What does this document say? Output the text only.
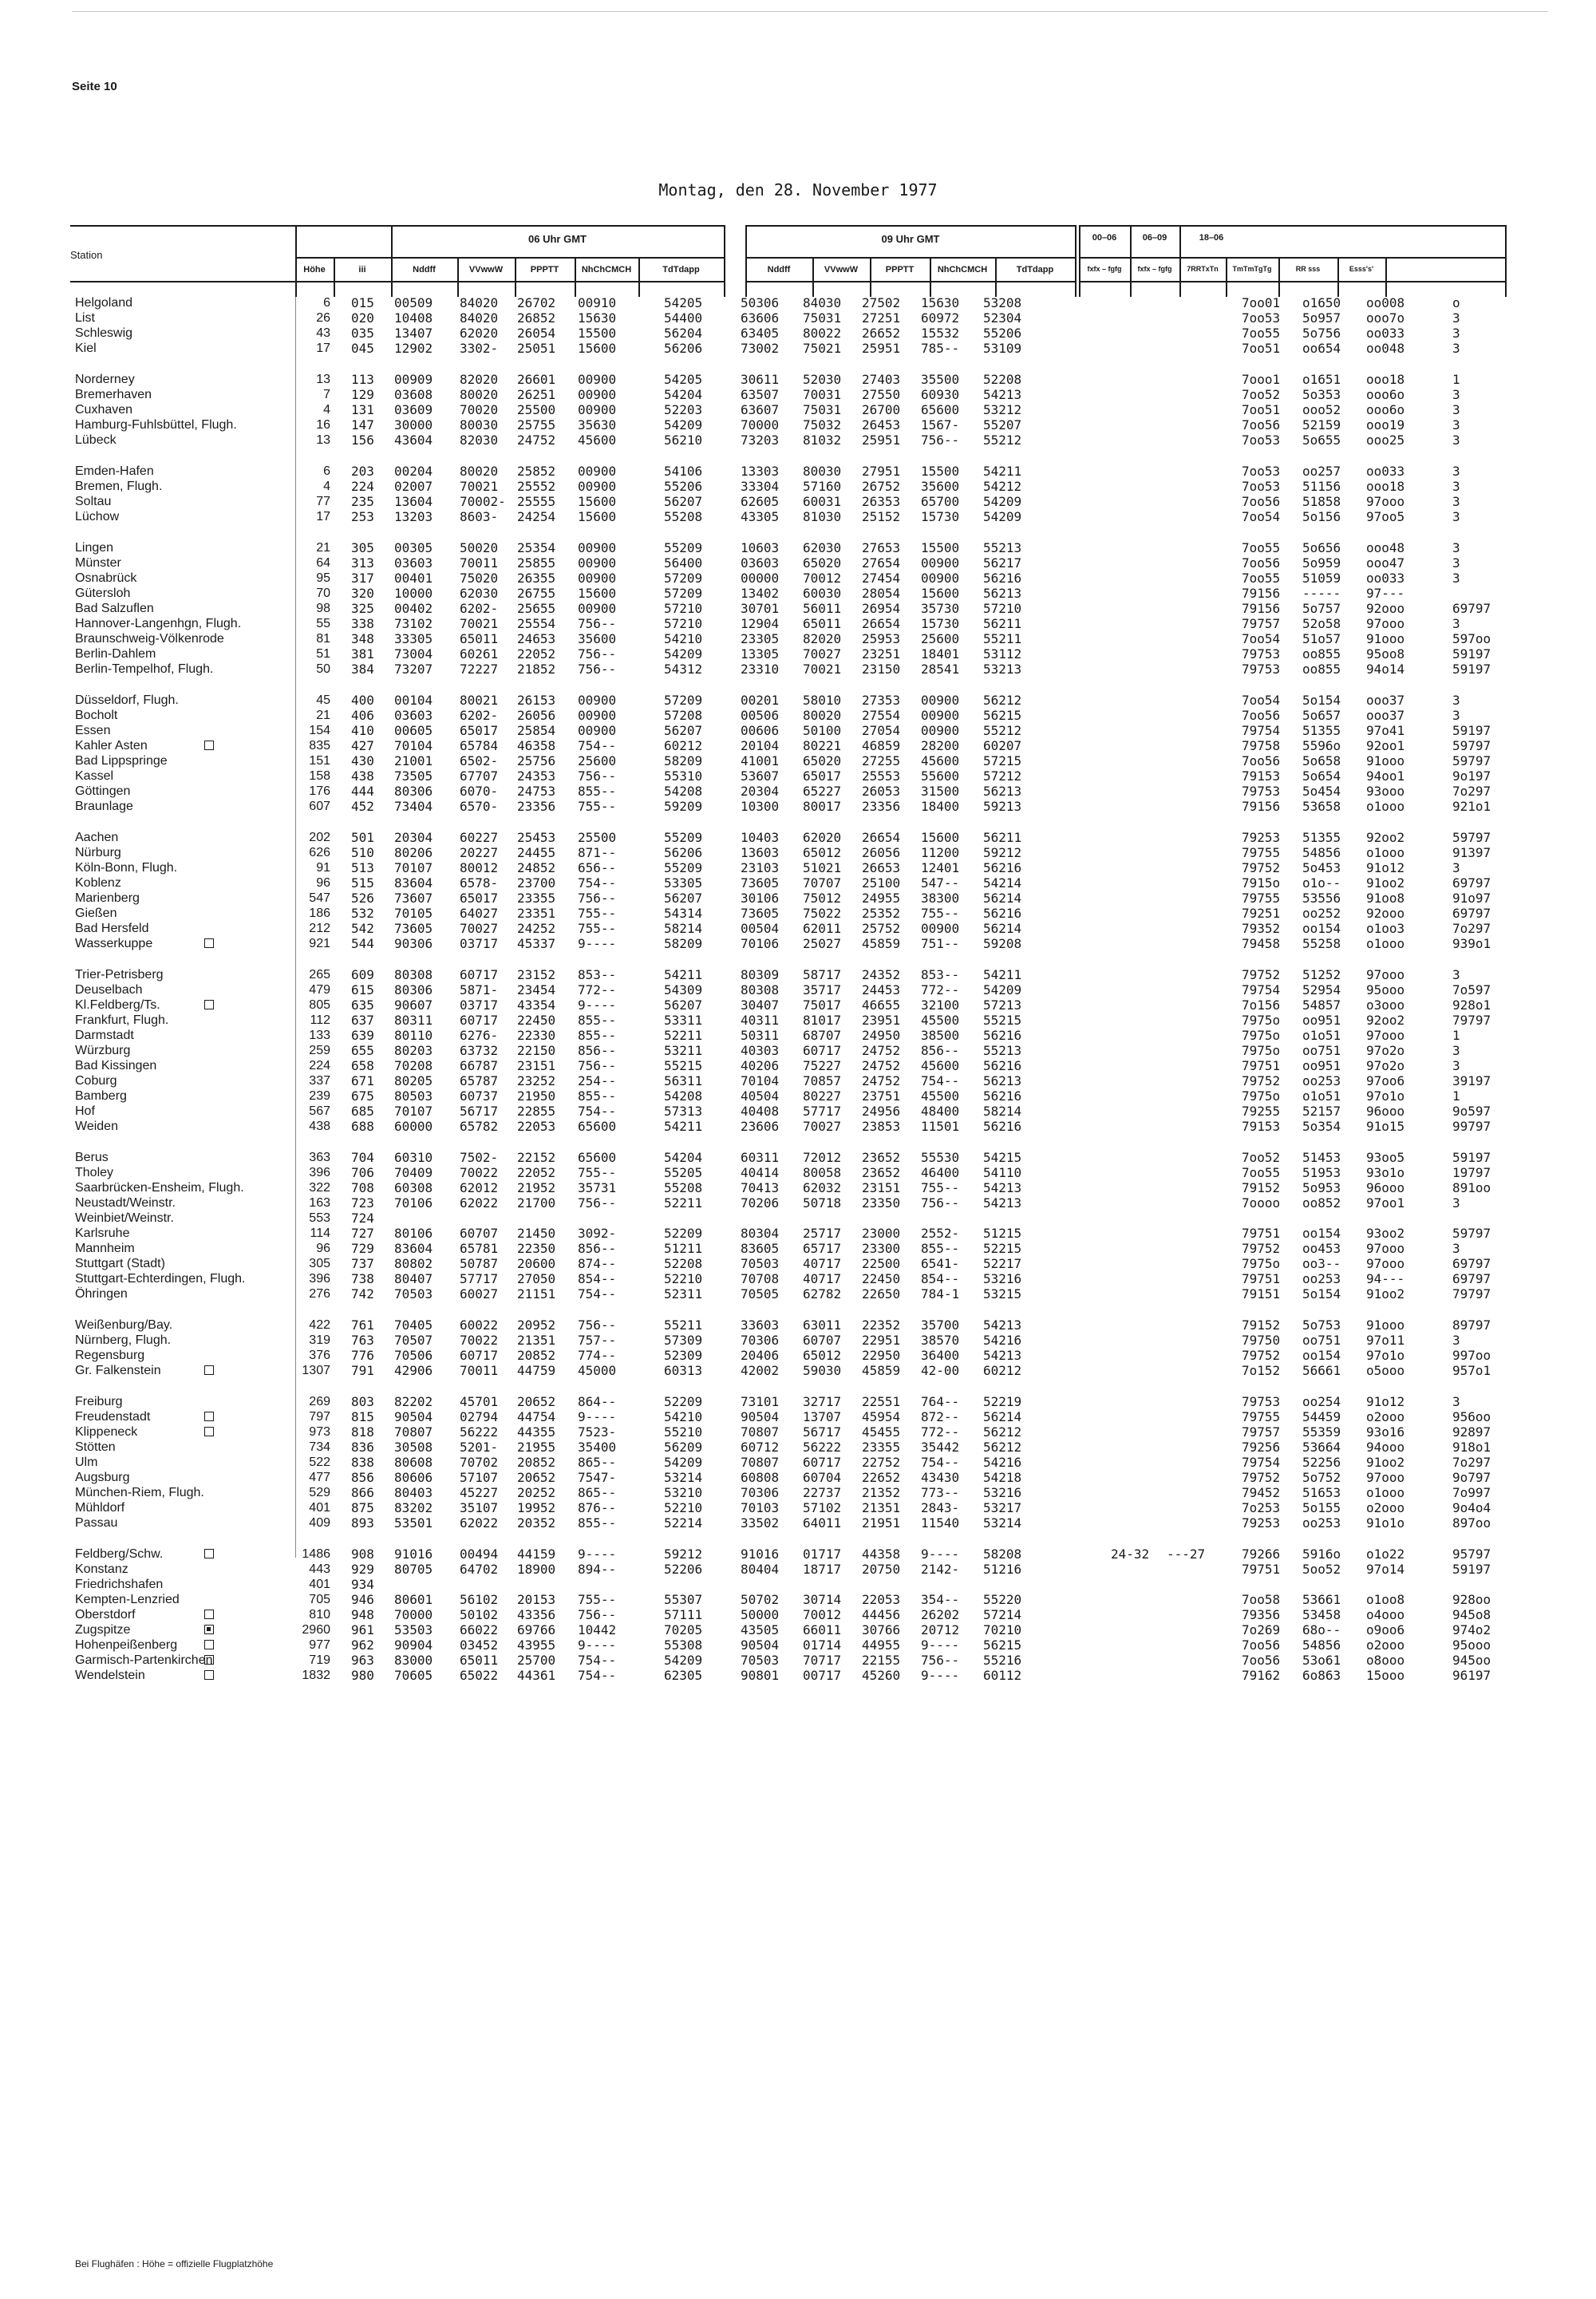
Seite 10
Montag, den 28. November 1977
Station
Höhe	iii
06 Uhr GMT	09 Uhr GMT
Nddff	VVwwW	PPPTT	NhChCMCH	TdTdapp	Nddff	VVwwW	PPPTT	NhChCMCH	TdTdapp
00–06	06–09	18–06
fxfx – fgfg	fxfx – fgfg	7RRTxTn	TmTmTgTg	RR sss	Esss's'
Helgoland	6 015	00509	84020	26702	00910	54205	50306	84030	27502	15630	53208	7oo01	o1650	oo008	o
List	26 020	10408	84020	26852	15630	54400	63606	75031	27251	60972	52304	7oo53	5o957	ooo7o	3
Schleswig	43 035	13407	62020	26054	15500	56204	63405	80022	26652	15532	55206	7oo55	5o756	oo033	3
Kiel	17 045	12902	3302-	25051	15600	56206	73002	75021	25951	785--	53109	7oo51	oo654	oo048	3
Norderney	13 113	00909	82020	26601	00900	54205	30611	52030	27403	35500	52208	7ooo1	o1651	ooo18	1
Bremerhaven	7 129	03608	80020	26251	00900	54204	63507	70031	27550	60930	54213	7oo52	5o353	ooo6o	3
Cuxhaven	4 131	03609	70020	25500	00900	52203	63607	75031	26700	65600	53212	7oo51	ooo52	ooo6o	3
Hamburg-Fuhlsbüttel, Flugh.	16 147	30000	80030	25755	35630	54209	70000	75032	26453	1567-	55207	7oo56	52159	ooo19	3
Lübeck	13 156	43604	82030	24752	45600	56210	73203	81032	25951	756--	55212	7oo53	5o655	ooo25	3
Emden-Hafen	6 203	00204	80020	25852	00900	54106	13303	80030	27951	15500	54211	7oo53	oo257	oo033	3
Bremen, Flugh.	4 224	02007	70021	25552	00900	55206	33304	57160	26752	35600	54212	7oo53	51156	ooo18	3
Soltau	77 235	13604	70002- 25555	15600	56207	62605	60031	26353	65700	54209	7oo56	51858	97ooo	3
Lüchow	17 253	13203	8603-	24254	15600	55208	43305	81030	25152	15730	54209	7oo54	5o156	97oo5	3
Lingen	21 305	00305	50020	25354	00900	55209	10603	62030	27653	15500	55213	7oo55	5o656	ooo48	3
Münster	64 313	03603	70011	25855	00900	56400	03603	65020	27654	00900	56217	7oo56	5o959	ooo47	3
Osnabrück	95 317	00401	75020	26355	00900	57209	00000	70012	27454	00900	56216	7oo55	51059	oo033	3
Gütersloh	70 320	10000	62030	26755	15600	57209	13402	60030	28054	15600	56213	79156	-----	97---
Bad Salzuflen	98 325	00402	6202-	25655	00900	57210	30701	56011	26954	35730	57210	79156	5o757	92ooo	69797
Hannover-Langenhgn, Flugh.	55 338	73102	70021	25554	756--	57210	12904	65011	26654	15730	56211	79757	52o58	97ooo	3
Braunschweig-Völkenrode	81 348	33305	65011	24653	35600	54210	23305	82020	25953	25600	55211	7oo54	51o57	91ooo	597oo
Berlin-Dahlem	51 381	73004	60261	22052	756--	54209	13305	70027	23251	18401	53112	79753	oo855	95oo8	59197
Berlin-Tempelhof, Flugh.	50 384	73207	72227	21852	756--	54312	23310	70021	23150	28541	53213	79753	oo855	94o14	59197
Düsseldorf, Flugh.	45 400	00104	80021	26153	00900	57209	00201	58010	27353	00900	56212	7oo54	5o154	ooo37	3
Bocholt	21 406	03603	6202-	26056	00900	57208	00506	80020	27554	00900	56215	7oo56	5o657	ooo37	3
Essen	154 410	00605	65017	25854	00900	56207	00606	50100	27054	00900	55212	79754	51355	97o41	59197
Kahler Asten	835 427	70104	65784	46358	754--	60212	20104	80221	46859	28200	60207	79758	5596o	92oo1	59797
Bad Lippspringe	151 430	21001	6502-	25756	25600	58209	41001	65020	27255	45600	57215	7oo56	5o658	91ooo	59797
Kassel	158 438	73505	67707	24353	756--	55310	53607	65017	25553	55600	57212	79153	5o654	94oo1	9o197
Göttingen	176 444	80306	6070-	24753	855--	54208	20304	65227	26053	31500	56213	79753	5o454	93ooo	7o297
Braunlage	607 452	73404	6570-	23356	755--	59209	10300	80017	23356	18400	59213	79156	53658	o1ooo	921o1
Aachen	202 501	20304	60227	25453	25500	55209	10403	62020	26654	15600	56211	79253	51355	92oo2	59797
Nürburg	626 510	80206	20227	24455	871--	56206	13603	65012	26056	11200	59212	79755	54856	o1ooo	91397
Köln-Bonn, Flugh.	91 513	70107	80012	24852	656--	55209	23103	51021	26653	12401	56216	79752	5o453	91o12	3
Koblenz	96 515	83604	6578-	23700	754--	53305	73605	70707	25100	547--	54214	7915o	o1o--	91oo2	69797
Marienberg	547 526	73607	65017	23355	756--	56207	30106	75012	24955	38300	56214	79755	53556	91oo8	91o97
Gießen	186 532	70105	64027	23351	755--	54314	73605	75022	25352	755--	56216	79251	oo252	92ooo	69797
Bad Hersfeld	212 542	73605	70027	24252	755--	58214	00504	62011	25752	00900	56214	79352	oo154	o1oo3	7o297
Wasserkuppe	921 544	90306	03717	45337	9----	58209	70106	25027	45859	751--	59208	79458	55258	o1ooo	939o1
Trier-Petrisberg	265 609	80308	60717	23152	853--	54211	80309	58717	24352	853--	54211	79752	51252	97ooo	3
Deuselbach	479 615	80306	5871-	23454	772--	54309	80308	35717	24453	772--	54209	79754	52954	95ooo	7o597
Kl.Feldberg/Ts.	805 635	90607	03717	43354	9----	56207	30407	75017	46655	32100	57213	7o156	54857	o3ooo	928o1
Frankfurt, Flugh.	112 637	80311	60717	22450	855--	53311	40311	81017	23951	45500	55215	7975o	oo951	92oo2	79797
Darmstadt	133 639	80110	6276-	22330	855--	52211	50311	68707	24950	38500	56216	7975o	o1o51	97ooo	1
Würzburg	259 655	80203	63732	22150	856--	53211	40303	60717	24752	856--	55213	7975o	oo751	97o2o	3
Bad Kissingen	224 658	70208	66787	23151	756--	55215	40206	75227	24752	45600	56216	79751	oo951	97o2o	3
Coburg	337 671	80205	65787	23252	254--	56311	70104	70857	24752	754--	56213	79752	oo253	97oo6	39197
Bamberg	239 675	80503	60737	21950	855--	54208	40504	80227	23751	45500	56216	7975o	o1o51	97o1o	1
Hof	567 685	70107	56717	22855	754--	57313	40408	57717	24956	48400	58214	79255	52157	96ooo	9o597
Weiden	438 688	60000	65782	22053	65600	54211	23606	70027	23853	11501	56216	79153	5o354	91o15	99797
Berus	363 704	60310	7502-	22152	65600	54204	60311	72012	23652	55530	54215	7oo52	51453	93oo5	59197
Tholey	396 706	70409	70022	22052	755--	55205	40414	80058	23652	46400	54110	7oo55	51953	93o1o	19797
Saarbrücken-Ensheim, Flugh.	322 708	60308	62012	21952	35731	55208	70413	62032	23151	755--	54213	79152	5o953	96ooo	891oo
Neustadt/Weinstr.	163 723	70106	62022	21700	756--	52211	70206	50718	23350	756--	54213	7oooo	oo852	97oo1	3
Weinbiet/Weinstr.	553 724
Karlsruhe	114 727	80106	60707	21450	3092-	52209	80304	25717	23000	2552-	51215	79751	oo154	93oo2	59797
Mannheim	96 729	83604	65781	22350	856--	51211	83605	65717	23300	855--	52215	79752	oo453	97ooo	3
Stuttgart (Stadt)	305 737	80802	50787	20600	874--	52208	70503	40717	22500	6541-	52217	7975o	oo3--	97ooo	69797
Stuttgart-Echterdingen, Flugh.	396 738	80407	57717	27050	854--	52210	70708	40717	22450	854--	53216	79751	oo253	94---	69797
Öhringen	276 742	70503	60027	21151	754--	52311	70505	62782	22650	784-1	53215	79151	5o154	91oo2	79797
Weißenburg/Bay.	422 761	70405	60022	20952	756--	55211	33603	63011	22352	35700	54213	79152	5o753	91ooo	89797
Nürnberg, Flugh.	319 763	70507	70022	21351	757--	57309	70306	60707	22951	38570	54216	79750	oo751	97o11	3
Regensburg	376 776	70506	60717	20852	774--	52309	20406	65012	22950	36400	54213	79752	oo154	97o1o	997oo
Gr. Falkenstein	1307 791	42906	70011	44759	45000	60313	42002	59030	45859	42-00	60212	7o152	56661	o5ooo	957o1
Freiburg	269 803	82202	45701	20652	864--	52209	73101	32717	22551	764--	52219	79753	oo254	91o12	3
Freudenstadt	797 815	90504	02794	44754	9----	54210	90504	13707	45954	872--	56214	79755	54459	o2ooo	956oo
Klippeneck	973 818	70807	56222	44355	7523-	55210	70807	56717	45455	772--	56212	79757	55359	93o16	92897
Stötten	734 836	30508	5201-	21955	35400	56209	60712	56222	23355	35442	56212	79256	53664	94ooo	918o1
Ulm	522 838	80608	70702	20852	865--	54209	70807	60717	22752	754--	54216	79754	52256	91oo2	7o297
Augsburg	477 856	80606	57107	20652	7547-	53214	60808	60704	22652	43430	54218	79752	5o752	97ooo	9o797
München-Riem, Flugh.	529 866	80403	45227	20252	865--	53210	70306	22737	21352	773--	53216	79452	51653	o1ooo	7o997
Mühldorf	401 875	83202	35107	19952	876--	52210	70103	57102	21351	2843-	53217	7o253	5o155	o2ooo	9o4o4
Passau	409 893	53501	62022	20352	855--	52214	33502	64011	21951	11540	53214	79253	oo253	91o1o	897oo
Feldberg/Schw.	1486 908	91016	00494	44159	9----	59212	91016	01717	44358	9----	58208	24-32	---27	79266	5916o	o1o22	95797
Konstanz	443 929	80705	64702	18900	894--	52206	80404	18717	20750	2142-	51216	79751	5oo52	97o14	59197
Friedrichshafen	401 934
Kempten-Lenzried	705 946	80601	56102	20153	755--	55307	50702	30714	22053	354--	55220	7oo58	53661	o1oo8	928oo
Oberstdorf	810 948	70000	50102	43356	756--	57111	50000	70012	44456	26202	57214	79356	53458	o4ooo	945o8
Zugspitze	2960 961	53503	66022	69766	10442	70205	43505	66011	30766	20712	70210	7o269	68o--	o9oo6	974o2
Hohenpeißenberg	977 962	90904	03452	43955	9----	55308	90504	01714	44955	9----	56215	7oo56	54856	o2ooo	95ooo
Garmisch-Partenkirchen	719 963	83000	65011	25700	754--	54209	70503	70717	22155	756--	55216	7oo56	53o61	o8ooo	945oo
Wendelstein	1832 980	70605	65022	44361	754--	62305	90801	00717	45260	9----	60112	79162	6o863	15ooo	96197
Bei Flughäfen : Höhe = offizielle Flugplatzhöhe
